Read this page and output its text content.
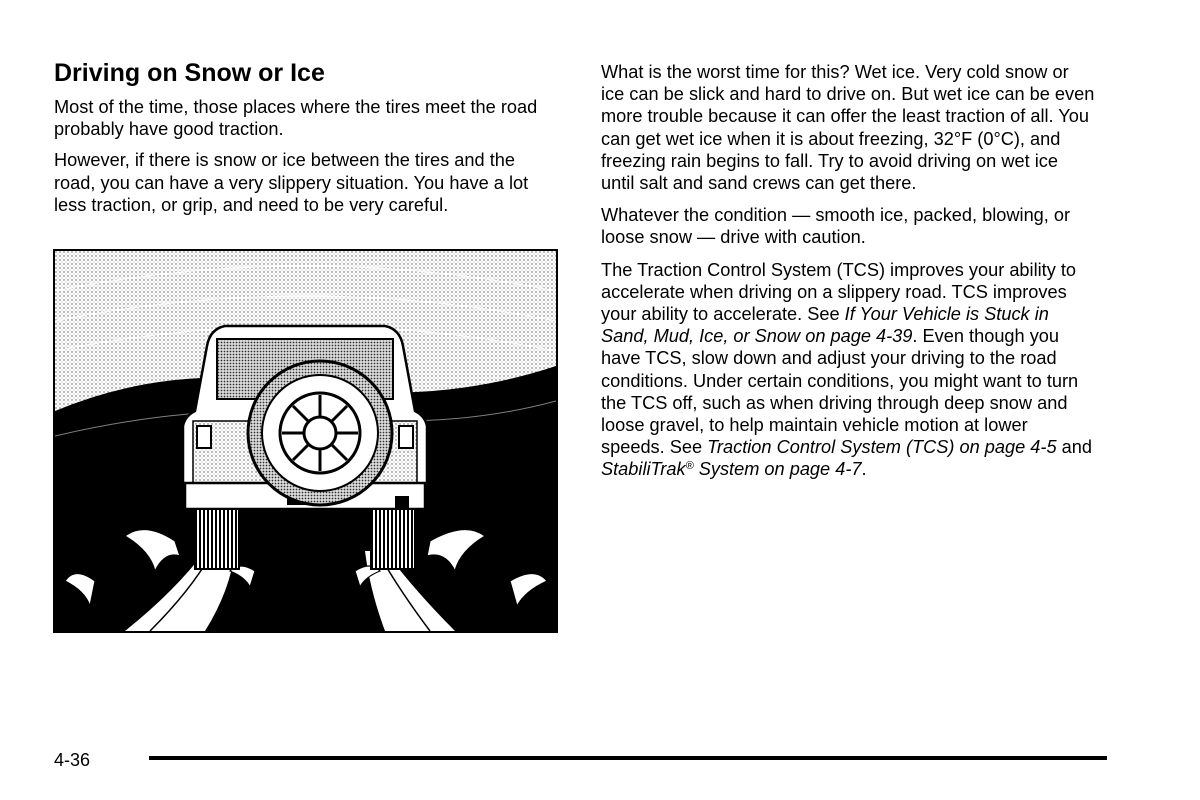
Driving on Snow or Ice

Most of the time, those places where the tires meet the road probably have good traction.

However, if there is snow or ice between the tires and the road, you can have a very slippery situation. You have a lot less traction, or grip, and need to be very careful.

What is the worst time for this? Wet ice. Very cold snow or ice can be slick and hard to drive on. But wet ice can be even more trouble because it can offer the least traction of all. You can get wet ice when it is about freezing, 32°F (0°C), and freezing rain begins to fall. Try to avoid driving on wet ice until salt and sand crews can get there.

Whatever the condition — smooth ice, packed, blowing, or loose snow — drive with caution.

The Traction Control System (TCS) improves your ability to accelerate when driving on a slippery road. TCS improves your ability to accelerate. See If Your Vehicle is Stuck in Sand, Mud, Ice, or Snow on page 4-39. Even though you have TCS, slow down and adjust your driving to the road conditions. Under certain conditions, you might want to turn the TCS off, such as when driving through deep snow and loose gravel, to help maintain vehicle motion at lower speeds. See Traction Control System (TCS) on page 4-5 and StabiliTrak® System on page 4-7.

4-36
